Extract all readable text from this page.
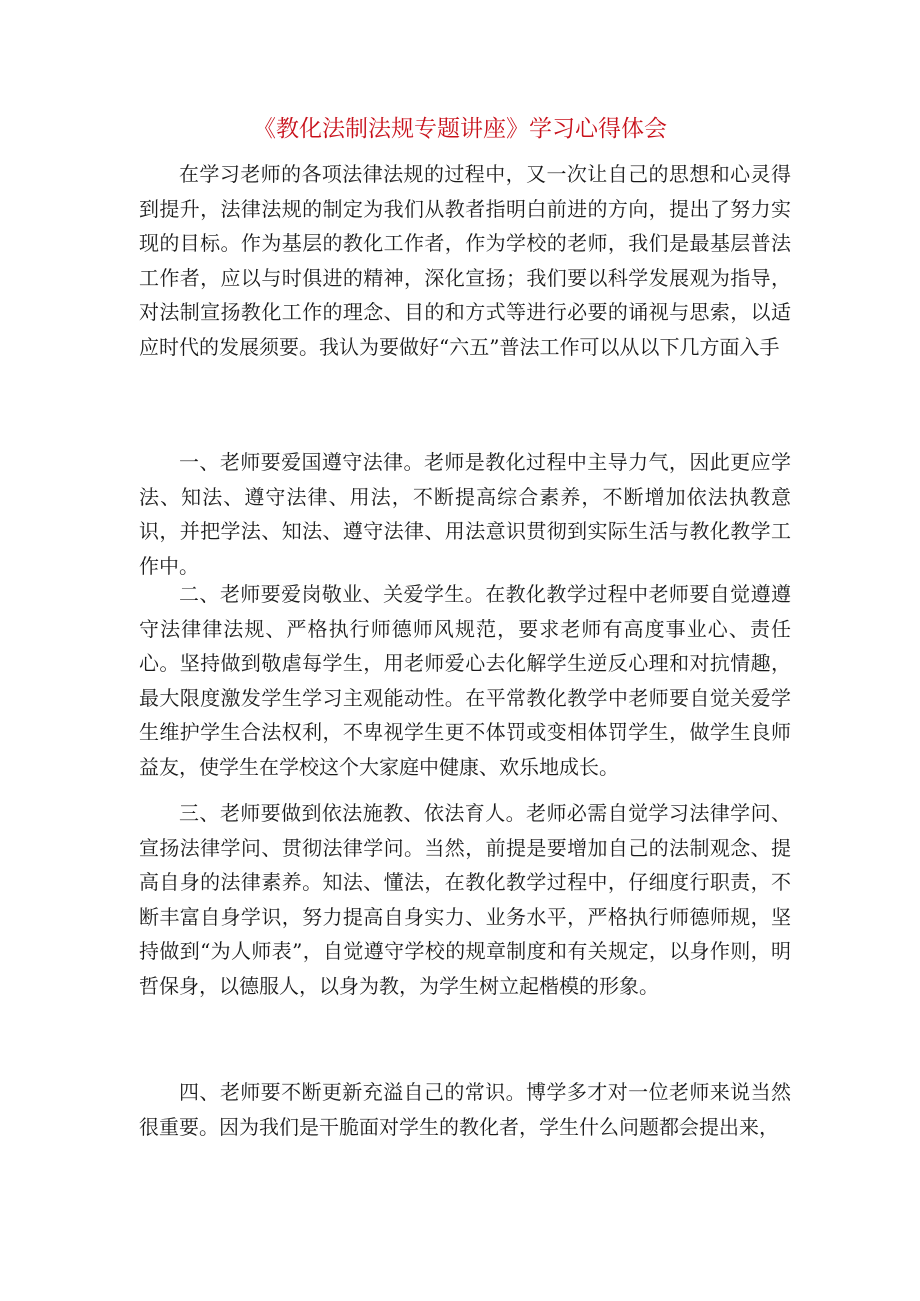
《教化法制法规专题讲座》学习心得体会

在学习老师的各项法律法规的过程中，又一次让自己的思想和心灵得到提升，法律法规的制定为我们从教者指明白前进的方向，提出了努力实现的目标。作为基层的教化工作者，作为学校的老师，我们是最基层普法工作者，应以与时俱进的精神，深化宣扬；我们要以科学发展观为指导，对法制宣扬教化工作的理念、目的和方式等进行必要的诵视与思索，以适应时代的发展须要。我认为要做好“六五”普法工作可以从以下几方面入手

一、老师要爱国遵守法律。老师是教化过程中主导力气，因此更应学法、知法、遵守法律、用法，不断提高综合素养，不断增加依法执教意识，并把学法、知法、遵守法律、用法意识贯彻到实际生活与教化教学工作中。

二、老师要爱岗敬业、关爱学生。在教化教学过程中老师要自觉遵遵守法律律法规、严格执行师德师风规范，要求老师有高度事业心、责任心。坚持做到敬虐每学生，用老师爱心去化解学生逆反心理和对抗情趣，最大限度激发学生学习主观能动性。在平常教化教学中老师要自觉关爱学生维护学生合法权利，不卑视学生更不体罚或变相体罚学生，做学生良师益友，使学生在学校这个大家庭中健康、欢乐地成长。

三、老师要做到依法施教、依法育人。老师必需自觉学习法律学问、宣扬法律学问、贯彻法律学问。当然，前提是要增加自己的法制观念、提高自身的法律素养。知法、懂法，在教化教学过程中，仔细度行职责，不断丰富自身学识，努力提高自身实力、业务水平，严格执行师德师规，坚持做到“为人师表”，自觉遵守学校的规章制度和有关规定，以身作则，明哲保身，以德服人，以身为教，为学生树立起楷模的形象。

四、老师要不断更新充溢自己的常识。博学多才对一位老师来说当然很重要。因为我们是干脆面对学生的教化者，学生什么问题都会提出来，
